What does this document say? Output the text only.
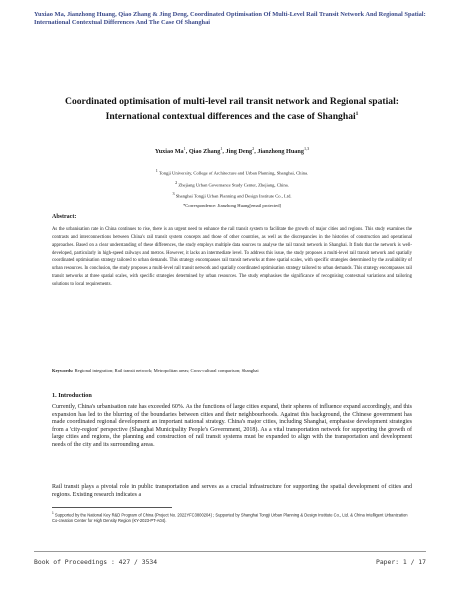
Yuxiao Ma, Jianzhong Huang, Qiao Zhang & Jing Deng, Coordinated Optimisation Of Multi-Level Rail Transit Network And Regional Spatial: International Contextual Differences And The Case Of Shanghai
Coordinated optimisation of multi-level rail transit network and Regional spatial: International contextual differences and the case of Shanghai$^1$
Yuxiao Ma$^1$, Qiao Zhang$^1$, Jing Deng$^2$, Jianzhong Huang$^{1,3}$
$^1$ Tongji University, College of Architecture and Urban Planning, Shanghai, China.
$^2$ Zhejiang Urban Governance Study Center, Zhejiang, China.
$^3$ Shanghai Tongji Urban Planning and Design Institute Co., Ltd.
*Correspondence: Jianzhong Huang[email protected]
Abstract:
As the urbanisation rate in China continues to rise, there is an urgent need to enhance the rail transit system to facilitate the growth of major cities and regions. This study examines the contrasts and interconnections between China's rail transit system concepts and those of other countries, as well as the discrepancies in the histories of construction and operational approaches. Based on a clear understanding of these differences, the study employs multiple data sources to analyse the rail transit network in Shanghai. It finds that the network is well-developed, particularly in high-speed railways and metros. However, it lacks an intermediate level. To address this issue, the study proposes a multi-level rail transit network and spatially coordinated optimisation strategy tailored to urban demands. This strategy encompasses rail transit networks at three spatial scales, with specific strategies determined by the availability of urban resources. In conclusion, the study proposes a multi-level rail transit network and spatially coordinated optimisation strategy tailored to urban demands. This strategy encompasses rail transit networks at three spatial scales, with specific strategies determined by urban resources. The study emphasises the significance of recognising contextual variations and tailoring solutions to local requirements.
Keywords: Regional integration; Rail transit network; Metropolitan areas; Cross-cultural comparison; Shanghai
1. Introduction
Currently, China's urbanisation rate has exceeded 60%. As the functions of large cities expand, their spheres of influence expand accordingly, and this expansion has led to the blurring of the boundaries between cities and their neighbourhoods. Against this background, the Chinese government has made coordinated regional development an important national strategy. China's major cities, including Shanghai, emphasise development strategies from a 'city-region' perspective (Shanghai Municipality People's Government, 2018). As a vital transportation network for supporting the growth of large cities and regions, the planning and construction of rail transit systems must be expanded to align with the transportation and development needs of the city and its surrounding areas.
Rail transit plays a pivotal role in public transportation and serves as a crucial infrastructure for supporting the spatial development of cities and regions. Existing research indicates a
$^1$ Supported by the National Key R&D Program of China (Project No. 2022YFC3800204) ; Supported by Shanghai Tongji Urban Planning & Design Institute Co., Ltd. & China Intelligent Urbanization Co-creation Center for High Density Region (KY-2023-PT-A04).
Book of Proceedings : 427 / 3534	Paper: 1 / 17
